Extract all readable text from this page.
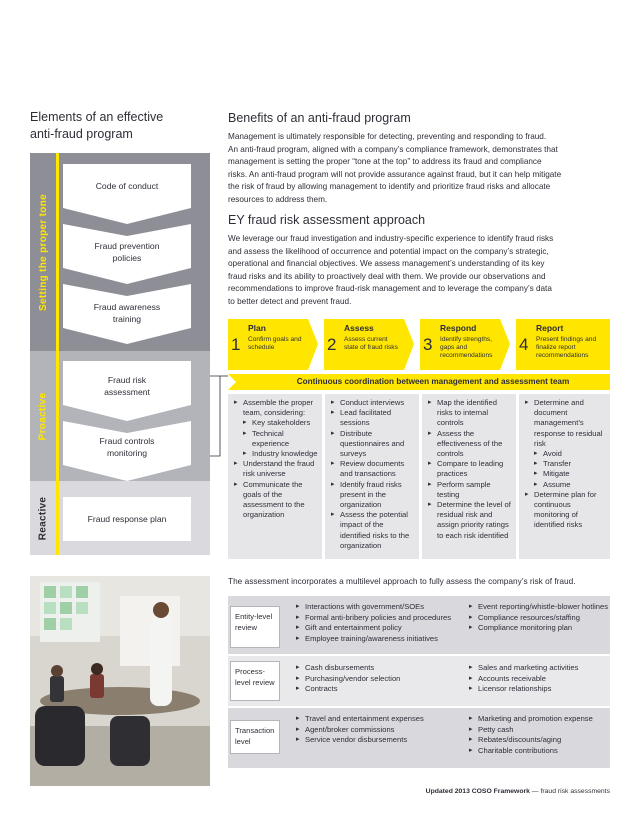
Elements of an effective
anti-fraud program
Setting the proper tone
Proactive
Reactive
Code of conduct
Fraud prevention
policies
Fraud awareness
training
Fraud risk
assessment
Fraud controls
monitoring
Fraud response plan
Benefits of an anti-fraud program
Management is ultimately responsible for detecting, preventing and responding to fraud.
An anti-fraud program, aligned with a company’s compliance framework, demonstrates that
management is setting the proper “tone at the top” to address its fraud and compliance
risks. An anti-fraud program will not provide assurance against fraud, but it can help mitigate
the risk of fraud by allowing management to identify and prioritize fraud risks and allocate
resources to address them.
EY fraud risk assessment approach
We leverage our fraud investigation and industry-specific experience to identify fraud risks
and assess the likelihood of occurrence and potential impact on the company’s strategic,
operational and financial objectives. We assess management’s understanding of its key
fraud risks and its ability to proactively deal with them. We provide our observations and
recommendations to improve fraud-risk management and to leverage the company’s data
to better detect and prevent fraud.
1
Plan
Confirm goals and schedule	2
Assess
Assess current state of fraud risks 3
Respond
Identify strengths, gaps and recommendations
4
Report
Present findings and finalize report recommendations
Continuous coordination between management and assessment team
▸ Assemble the proper team, considering:
▸ Key stakeholders
▸ Technical experience
▸ Industry knowledge
▸ Understand the fraud risk universe
▸ Communicate the goals of the assessment to the organization
▸ Conduct interviews
▸ Lead facilitated sessions
▸ Distribute questionnaires and surveys
▸ Review documents and transactions
▸ Identify fraud risks present in the organization
▸ Assess the potential impact of the identified risks to the organization
▸ Map the identified risks to internal controls
▸ Assess the effectiveness of the controls
▸ Compare to leading practices
▸ Perform sample testing
▸ Determine the level of residual risk and assign priority ratings to each risk identified
▸ Determine and document management’s response to residual risk
▸ Avoid
▸ Transfer
▸ Mitigate
▸ Assume
▸ Determine plan for continuous monitoring of identified risks
The assessment incorporates a multilevel approach to fully assess the company’s risk of fraud.
Entity-level review
Process-level review
Transaction level
▸ Interactions with government/SOEs
▸ Formal anti-bribery policies and procedures
▸ Gift and entertainment policy
▸ Employee training/awareness initiatives
▸ Event reporting/whistle-blower hotlines
▸ Compliance resources/staffing
▸ Compliance monitoring plan
▸ Cash disbursements
▸ Purchasing/vendor selection
▸ Contracts
▸ Sales and marketing activities
▸ Accounts receivable
▸ Licensor relationships
▸ Travel and entertainment expenses
▸ Agent/broker commissions
▸ Service vendor disbursements
▸ Marketing and promotion expense
▸ Petty cash
▸ Rebates/discounts/aging
▸ Charitable contributions
Updated 2013 COSO Framework — fraud risk assessments
